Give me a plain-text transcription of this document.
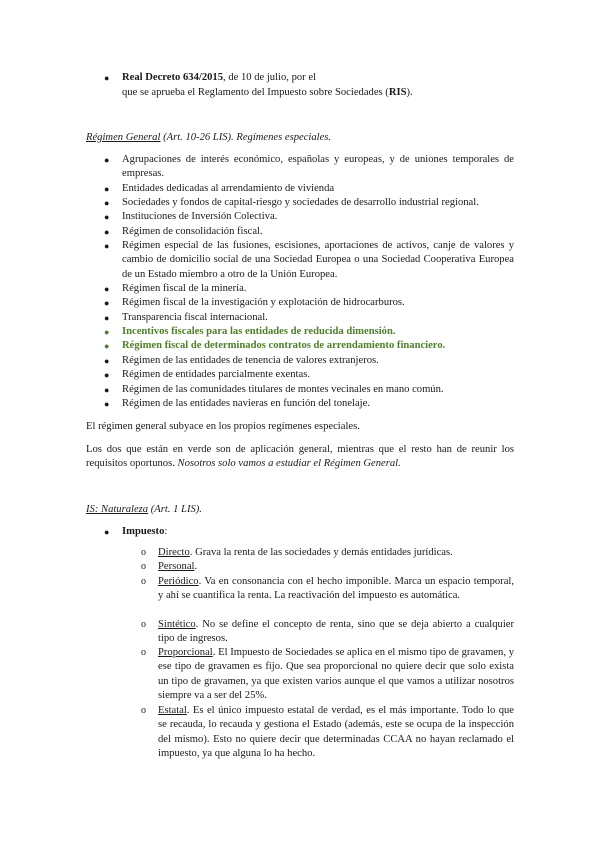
● Real Decreto 634/2015, de 10 de julio, por el
que se aprueba el Reglamento del Impuesto sobre Sociedades (RIS).
Régimen General (Art. 10-26 LIS). Regímenes especiales.
● Agrupaciones de interés económico, españolas y europeas, y de uniones temporales de empresas.
● Entidades dedicadas al arrendamiento de vivienda
● Sociedades y fondos de capital-riesgo y sociedades de desarrollo industrial regional.
● Instituciones de Inversión Colectiva.
● Régimen de consolidación fiscal.
● Régimen especial de las fusiones, escisiones, aportaciones de activos, canje de valores y cambio de domicilio social de una Sociedad Europea o una Sociedad Cooperativa Europea de un Estado miembro a otro de la Unión Europea.
● Régimen fiscal de la minería.
● Régimen fiscal de la investigación y explotación de hidrocarburos.
● Transparencia fiscal internacional.
● Incentivos fiscales para las entidades de reducida dimensión.
● Régimen fiscal de determinados contratos de arrendamiento financiero.
● Régimen de las entidades de tenencia de valores extranjeros.
● Régimen de entidades parcialmente exentas.
● Régimen de las comunidades titulares de montes vecinales en mano común.
● Régimen de las entidades navieras en función del tonelaje.
El régimen general subyace en los propios regímenes especiales.
Los dos que están en verde son de aplicación general, mientras que el resto han de reunir los requisitos oportunos. Nosotros solo vamos a estudiar el Régimen General.
IS: Naturaleza (Art. 1 LIS).
● Impuesto:
o Directo. Grava la renta de las sociedades y demás entidades jurídicas.
o Personal.
o Periódico. Va en consonancia con el hecho imponible. Marca un espacio temporal, y ahí se cuantifica la renta. La reactivación del impuesto es automática.
o Sintético. No se define el concepto de renta, sino que se deja abierto a cualquier tipo de ingresos.
o Proporcional. El Impuesto de Sociedades se aplica en el mismo tipo de gravamen, y ese tipo de gravamen es fijo. Que sea proporcional no quiere decir que solo exista un tipo de gravamen, ya que existen varios aunque el que vamos a utilizar nosotros siempre va a ser del 25%.
o Estatal. Es el único impuesto estatal de verdad, es el más importante. Todo lo que se recauda, lo recauda y gestiona el Estado (además, este se ocupa de la inspección del mismo). Esto no quiere decir que determinadas CCAA no hayan reclamado el impuesto, ya que alguna lo ha hecho.
